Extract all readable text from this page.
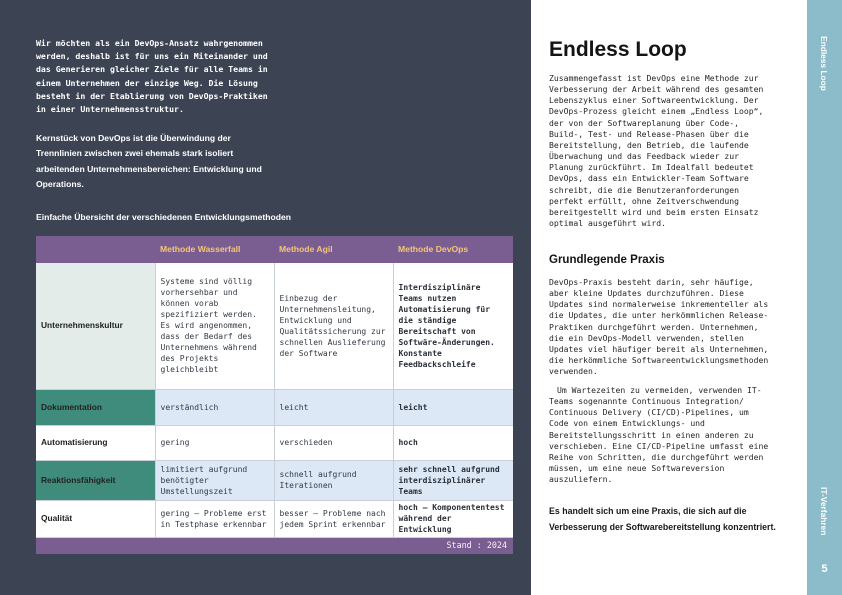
Wir möchten als ein DevOps-Ansatz wahrgenommen werden, deshalb ist für uns ein Miteinander und das Generieren gleicher Ziele für alle Teams in einem Unternehmen der einzige Weg. Die Lösung besteht in der Etablierung von DevOps-Praktiken in einer Unternehmensstruktur.

Kernstück von DevOps ist die Überwindung der Trennlinien zwischen zwei ehemals stark isoliert arbeitenden Unternehmensbereichen: Entwicklung und Operations.

Einfache Übersicht der verschiedenen Entwicklungsmethoden

	Methode Wasserfall	Methode Agil	Methode DevOps
Unternehmenskultur	Systeme sind völlig vorhersehbar und können vorab spezifiziert werden. Es wird angenommen, dass der Bedarf des Unternehmens während des Projekts gleichbleibt	Einbezug der Unternehmensleitung, Entwicklung und Qualitätssicherung zur schnellen Auslieferung der Software	Interdisziplinäre Teams nutzen Automatisierung für die ständige Bereitschaft von Softwäre-Änderungen. Konstante Feedbackschleife
Dokumentation	verständlich	leicht	leicht
Automatisierung	gering	verschieden	hoch
Reaktionsfähigkeit	limitiert aufgrund benötigter Umstellungszeit	schnell aufgrund Iterationen	sehr schnell aufgrund interdisziplinärer Teams
Qualität	gering – Probleme erst in Testphase erkennbar	besser – Probleme nach jedem Sprint erkennbar	hoch – Komponententest während der Entwicklung
Stand : 2024			
Endless Loop

Zusammengefasst ist DevOps eine Methode zur Verbesserung der Arbeit während des gesamten Lebenszyklus einer Softwareentwicklung. Der DevOps-Prozess gleicht einem „Endless Loop“, der von der Softwareplanung über Code-, Build-, Test- und Release-Phasen über die Bereitstellung, den Betrieb, die laufende Überwachung und das Feedback wieder zur Planung zurückführt. Im Idealfall bedeutet DevOps, dass ein Entwickler-Team Software schreibt, die die Benutzeranforderungen perfekt erfüllt, ohne Zeitverschwendung bereitgestellt wird und beim ersten Einsatz optimal ausgeführt wird.

Grundlegende Praxis

DevOps-Praxis besteht darin, sehr häufige, aber kleine Updates durchzuführen. Diese Updates sind normalerweise inkrementeller als die Updates, die unter herkömmlichen Release-Praktiken durchgeführt werden. Unternehmen, die ein DevOps-Modell verwenden, stellen Updates viel häufiger bereit als Unternehmen, die herkömmliche Softwareentwicklungsmethoden verwenden.

Um Wartezeiten zu vermeiden, verwenden IT-Teams sogenannte Continuous Integration/ Continuous Delivery (CI/CD)-Pipelines, um Code von einem Entwicklungs- und Bereitstellungsschritt in einen anderen zu verschieben. Eine CI/CD-Pipeline umfasst eine Reihe von Schritten, die durchgeführt werden müssen, um eine neue Softwareversion auszuliefern.

Es handelt sich um eine Praxis, die sich auf die Verbesserung der Softwarebereitstellung konzentriert.

Endless Loop
IT-Verfahren
5
